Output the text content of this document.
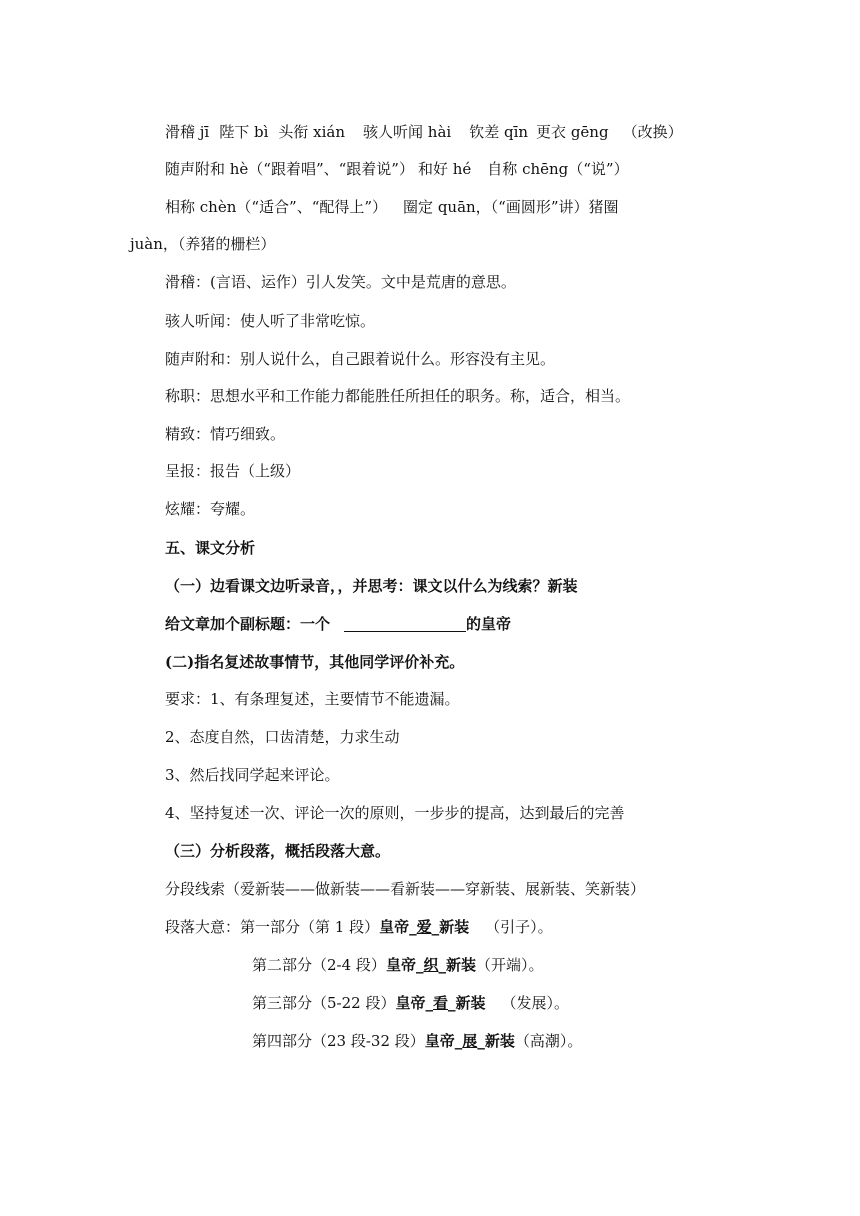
滑稽 jī 陛下 bì 头衔 xián 骇人听闻 hài 钦差 qīn 更衣 gēng （改换）
随声附和 hè（“跟着唱”、“跟着说”） 和好 hé 自称 chēng（“说”）
相称 chèn（“适合”、“配得上”） 圈定 quān，（“画圆形”讲）猪圈
juàn，（养猪的栅栏）
滑稽：(言语、运作）引人发笑。文中是荒唐的意思。
骇人听闻：使人听了非常吃惊。
随声附和：别人说什么，自己跟着说什么。形容没有主见。
称职：思想水平和工作能力都能胜任所担任的职务。称，适合，相当。
精致：情巧细致。
呈报：报告（上级）
炫耀：夸耀。
五、课文分析
（一）边看课文边听录音，，并思考：课文以什么为线索？新装
给文章加个副标题：一个	的皇帝
(二)指名复述故事情节，其他同学评价补充。
要求：1、有条理复述，主要情节不能遗漏。
2、态度自然，口齿清楚，力求生动
3、然后找同学起来评论。
4、坚持复述一次、评论一次的原则，一步步的提高，达到最后的完善
（三）分析段落，概括段落大意。
分段线索（爱新装——做新装——看新装——穿新装、展新装、笑新装）
段落大意：第一部分（第 1 段）皇帝_爱_新装 （引子）。
第二部分（2-4 段）皇帝_织_新装（开端）。
第三部分（5-22 段）皇帝_看_新装 （发展）。
第四部分（23 段-32 段）皇帝_展_新装（高潮）。
